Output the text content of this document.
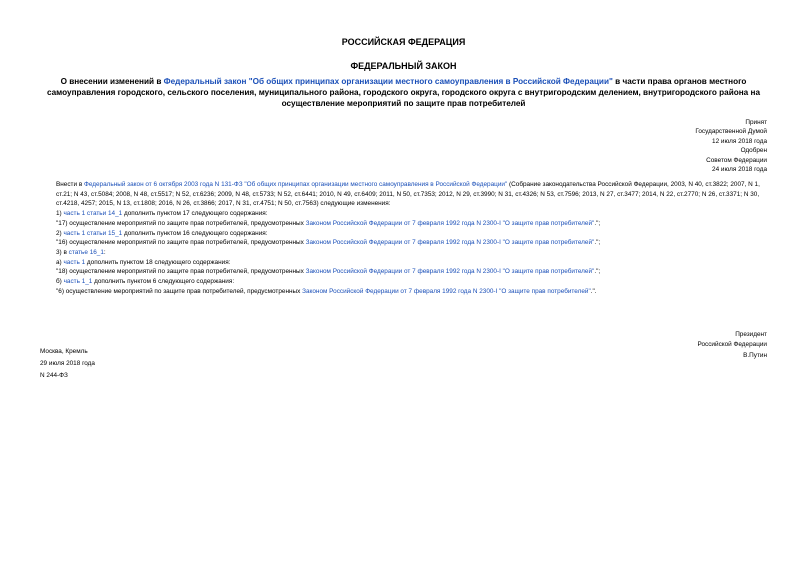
РОССИЙСКАЯ ФЕДЕРАЦИЯ
ФЕДЕРАЛЬНЫЙ ЗАКОН
О внесении изменений в Федеральный закон "Об общих принципах организации местного самоуправления в Российской Федерации" в части права органов местного самоуправления городского, сельского поселения, муниципального района, городского округа, городского округа с внутригородским делением, внутригородского района на осуществление мероприятий по защите прав потребителей
Принят
Государственной Думой
12 июля 2018 года
Одобрен
Советом Федерации
24 июля 2018 года

Внести в Федеральный закон от 6 октября 2003 года N 131-ФЗ "Об общих принципах организации местного самоуправления в Российской Федерации" (Собрание законодательства Российской Федерации, 2003, N 40, ст.3822; 2007, N 1, ст.21; N 43, ст.5084; 2008, N 48, ст.5517; N 52, ст.6236; 2009, N 48, ст.5733; N 52, ст.6441; 2010, N 49, ст.6409; 2011, N 50, ст.7353; 2012, N 29, ст.3990; N 31, ст.4326; N 53, ст.7596; 2013, N 27, ст.3477; 2014, N 22, ст.2770; N 26, ст.3371; N 30, ст.4218, 4257; 2015, N 13, ст.1808; 2016, N 26, ст.3866; 2017, N 31, ст.4751; N 50, ст.7563) следующие изменения:

1) часть 1 статьи 14_1 дополнить пунктом 17 следующего содержания:

"17) осуществление мероприятий по защите прав потребителей, предусмотренных Законом Российской Федерации от 7 февраля 1992 года N 2300-I "О защите прав потребителей".";

2) часть 1 статьи 15_1 дополнить пунктом 16 следующего содержания:

"16) осуществление мероприятий по защите прав потребителей, предусмотренных Законом Российской Федерации от 7 февраля 1992 года N 2300-I "О защите прав потребителей".";

3) в статье 16_1:

а) часть 1 дополнить пунктом 18 следующего содержания:

"18) осуществление мероприятий по защите прав потребителей, предусмотренных Законом Российской Федерации от 7 февраля 1992 года N 2300-I "О защите прав потребителей".";

б) часть 1_1 дополнить пунктом 6 следующего содержания:

"6) осуществление мероприятий по защите прав потребителей, предусмотренных Законом Российской Федерации от 7 февраля 1992 года N 2300-I "О защите прав потребителей".".

Президент
Российской Федерации
В.Путин
Москва, Кремль
29 июля 2018 года
N 244-ФЗ
